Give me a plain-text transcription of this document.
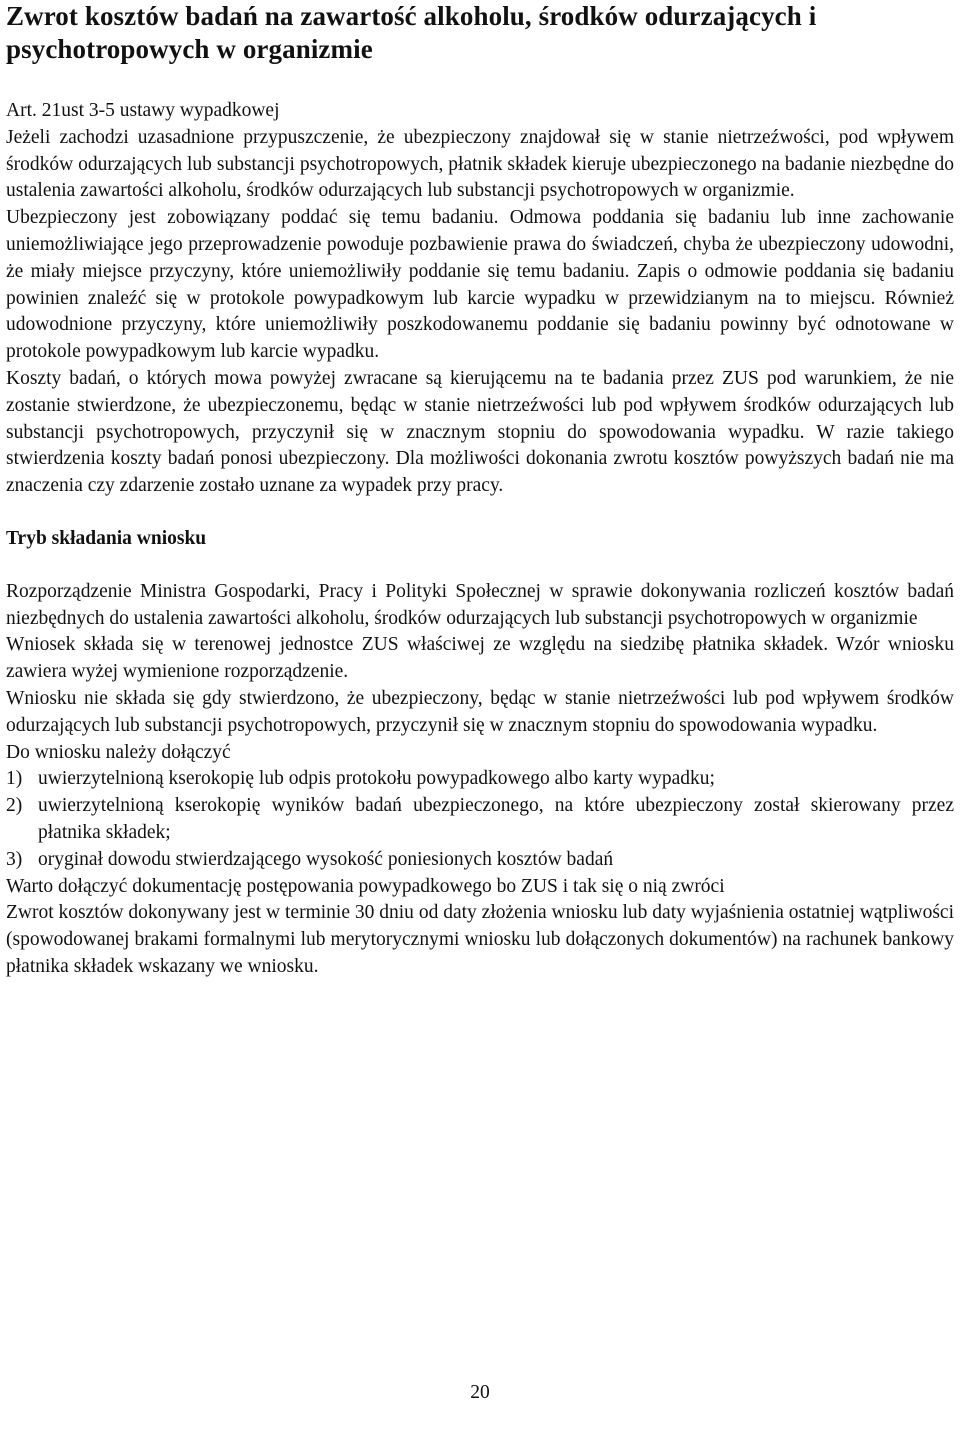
Zwrot kosztów badań na zawartość alkoholu, środków odurzających i psychotropowych w organizmie

Art. 21ust 3-5 ustawy wypadkowej

Jeżeli zachodzi uzasadnione przypuszczenie, że ubezpieczony znajdował się w stanie nietrzeźwości, pod wpływem środków odurzających lub substancji psychotropowych, płatnik składek kieruje ubezpieczonego na badanie niezbędne do ustalenia zawartości alkoholu, środków odurzających lub substancji psychotropowych w organizmie.

Ubezpieczony jest zobowiązany poddać się temu badaniu. Odmowa poddania się badaniu lub inne zachowanie uniemożliwiające jego przeprowadzenie powoduje pozbawienie prawa do świadczeń, chyba że ubezpieczony udowodni, że miały miejsce przyczyny, które uniemożliwiły poddanie się temu badaniu. Zapis o odmowie poddania się badaniu powinien znaleźć się w protokole powypadkowym lub karcie wypadku w przewidzianym na to miejscu. Również udowodnione przyczyny, które uniemożliwiły poszkodowanemu poddanie się badaniu powinny być odnotowane w protokole powypadkowym lub karcie wypadku.

Koszty badań, o których mowa powyżej zwracane są kierującemu na te badania przez ZUS pod warunkiem, że nie zostanie stwierdzone, że ubezpieczonemu, będąc w stanie nietrzeźwości lub pod wpływem środków odurzających lub substancji psychotropowych, przyczynił się w znacznym stopniu do spowodowania wypadku. W razie takiego stwierdzenia koszty badań ponosi ubezpieczony. Dla możliwości dokonania zwrotu kosztów powyższych badań nie ma znaczenia czy zdarzenie zostało uznane za wypadek przy pracy.

Tryb składania wniosku

Rozporządzenie Ministra Gospodarki, Pracy i Polityki Społecznej w sprawie dokonywania rozliczeń kosztów badań niezbędnych do ustalenia zawartości alkoholu, środków odurzających lub substancji psychotropowych w organizmie

Wniosek składa się w terenowej jednostce ZUS właściwej ze względu na siedzibę płatnika składek. Wzór wniosku zawiera wyżej wymienione rozporządzenie.

Wniosku nie składa się gdy stwierdzono, że ubezpieczony, będąc w stanie nietrzeźwości lub pod wpływem środków odurzających lub substancji psychotropowych, przyczynił się w znacznym stopniu do spowodowania wypadku.

Do wniosku należy dołączyć

1) uwierzytelnioną kserokopię lub odpis protokołu powypadkowego albo karty wypadku;
2) uwierzytelnioną kserokopię wyników badań ubezpieczonego, na które ubezpieczony został skierowany przez płatnika składek;
3) oryginał dowodu stwierdzającego wysokość poniesionych kosztów badań

Warto dołączyć dokumentację postępowania powypadkowego bo ZUS i tak się o nią zwróci

Zwrot kosztów dokonywany jest w terminie 30 dniu od daty złożenia wniosku lub daty wyjaśnienia ostatniej wątpliwości (spowodowanej brakami formalnymi lub merytorycznymi wniosku lub dołączonych dokumentów) na rachunek bankowy płatnika składek wskazany we wniosku.

20
